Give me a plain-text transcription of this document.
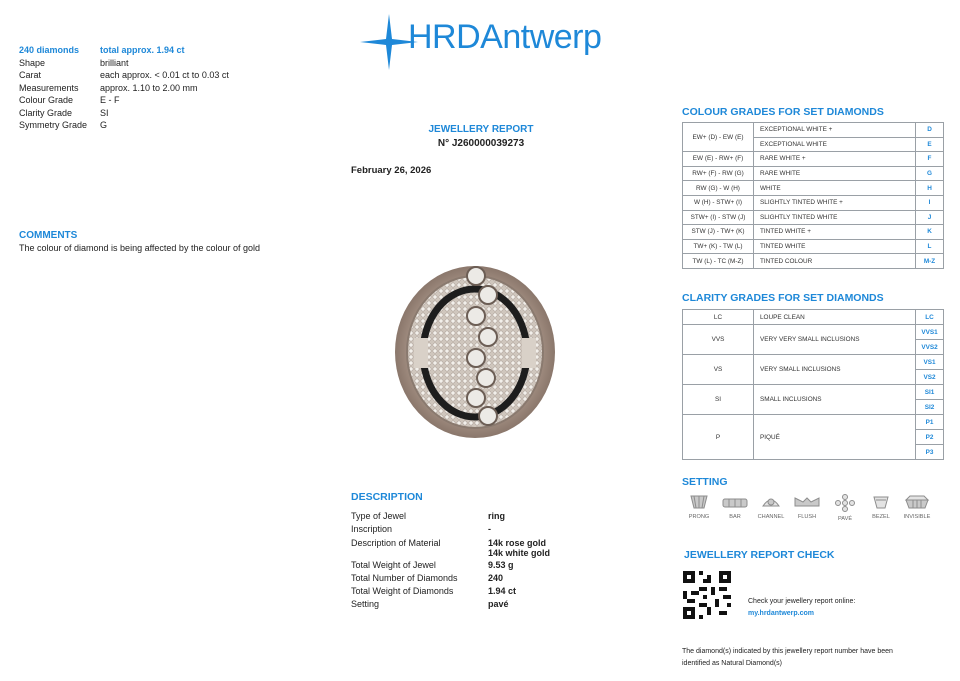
HRDAntwerp
240 diamonds	total approx. 1.94 ct
Shape	brilliant
Carat	each approx. < 0.01 ct to 0.03 ct
Measurements	approx. 1.10 to 2.00 mm
Colour Grade	E - F
Clarity Grade	SI
Symmetry Grade	G
COMMENTS
The colour of diamond is being affected by the colour of gold
JEWELLERY REPORT
N° J260000039273
February 26, 2026
DESCRIPTION
Type of Jewel	ring
Inscription	-
Description of Material	14k rose gold
14k white gold
Total Weight of Jewel	9.53 g
Total Number of Diamonds	240
Total Weight of Diamonds	1.94 ct
Setting	pavé
COLOUR GRADES FOR SET DIAMONDS
EW+ (D) - EW (E)	EXCEPTIONAL WHITE +	D
	EXCEPTIONAL WHITE	E
EW (E) - RW+ (F)	RARE WHITE +	F
RW+ (F) - RW (G)	RARE WHITE	G
RW (G) - W (H)	WHITE	H
W (H) - STW+ (I)	SLIGHTLY TINTED WHITE +	I
STW+ (I) - STW (J)	SLIGHTLY TINTED WHITE	J
STW (J) - TW+ (K)	TINTED WHITE +	K
TW+ (K) - TW (L)	TINTED WHITE	L
TW (L) - TC (M-Z)	TINTED COLOUR	M-Z
CLARITY GRADES FOR SET DIAMONDS
LC	LOUPE CLEAN	LC
VVS	VERY VERY SMALL INCLUSIONS	VVS1
		VVS2
VS	VERY SMALL INCLUSIONS	VS1
		VS2
SI	SMALL INCLUSIONS	SI1
		SI2
P	PIQUÉ	P1
		P2
		P3
SETTING
PRONG	BAR	CHANNEL	FLUSH	PAVÉ	BEZEL	INVISIBLE
JEWELLERY REPORT CHECK
Check your jewellery report online:
my.hrdantwerp.com
The diamond(s) indicated by this jewellery report number have been
identified as Natural Diamond(s)
